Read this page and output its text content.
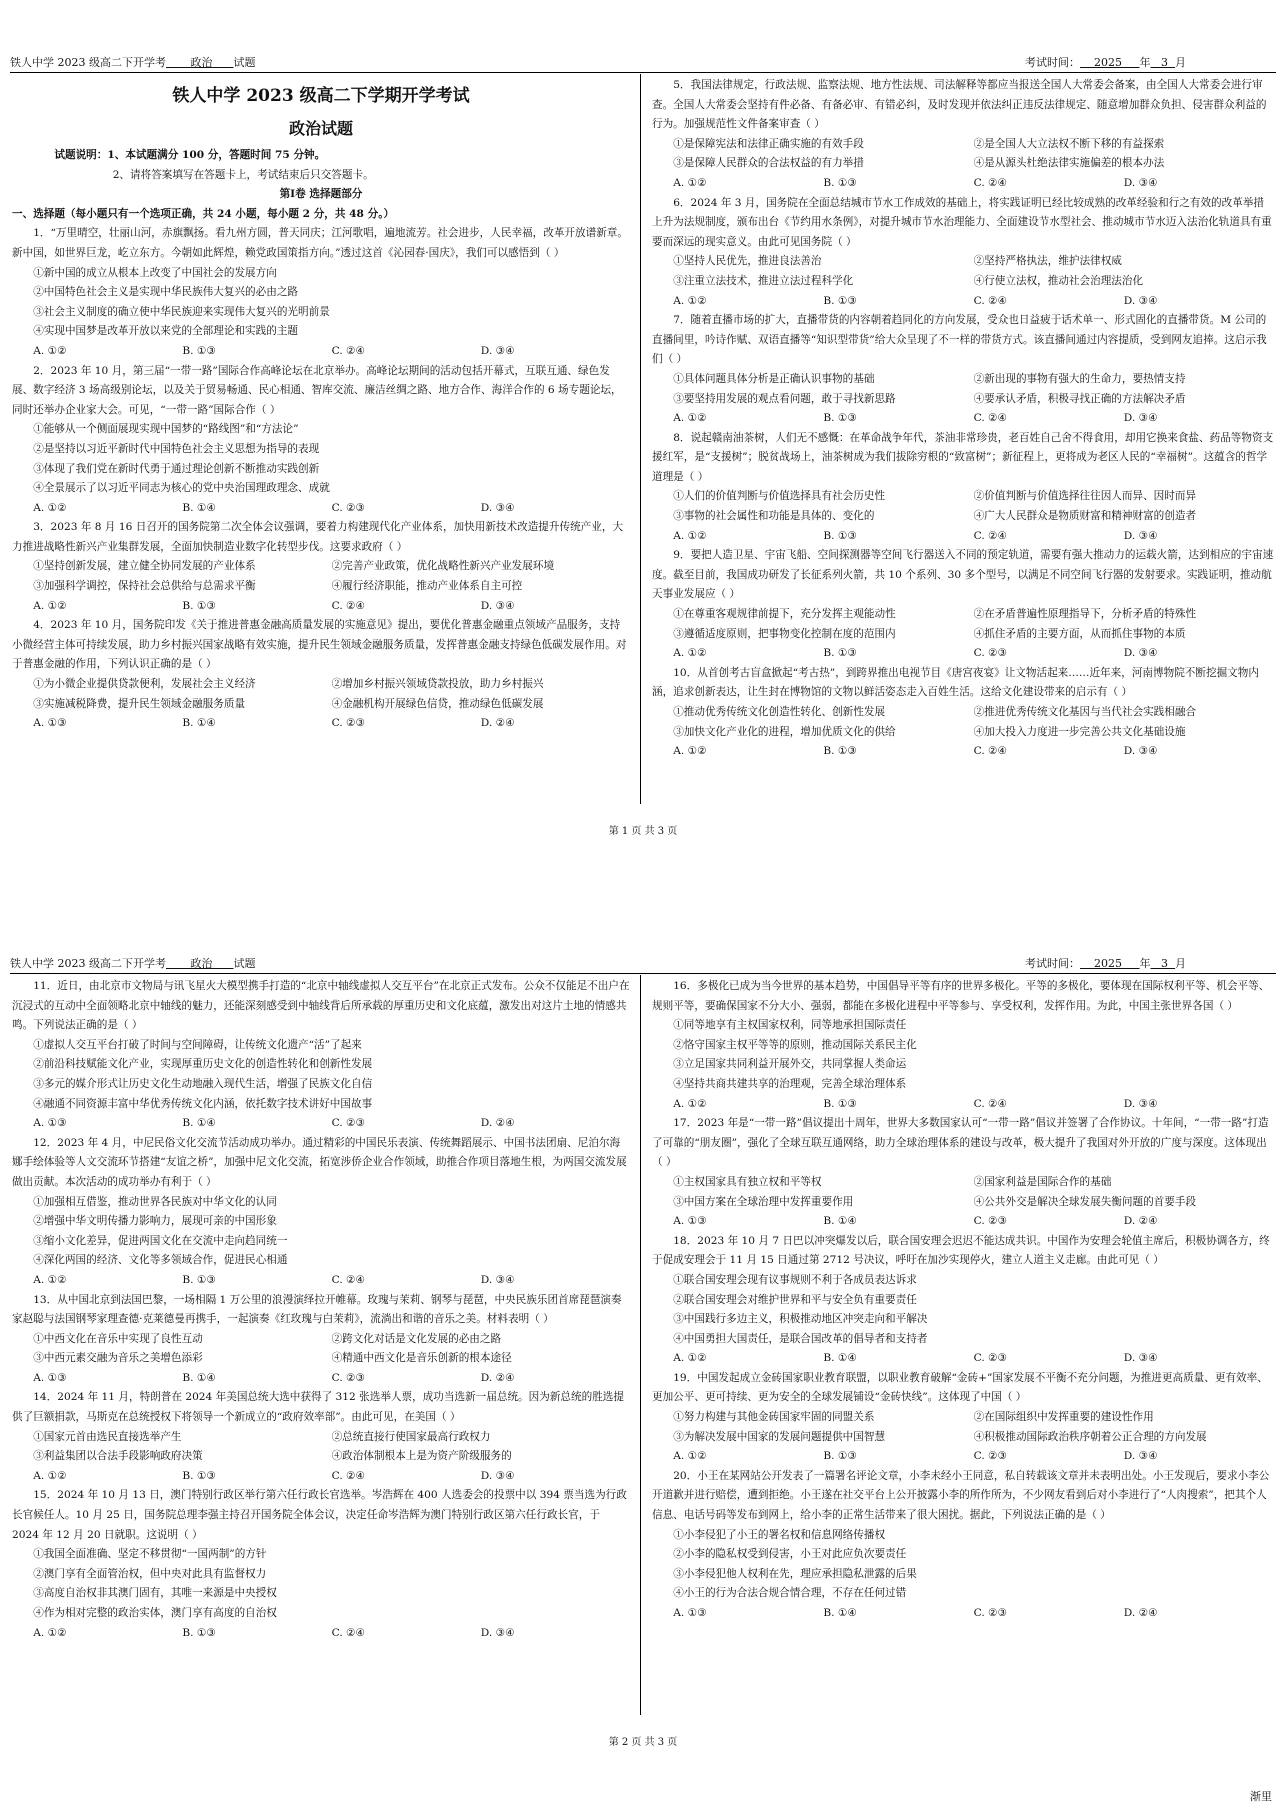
铁人中学 2023 级高二下开学考 政治 试题	考试时间： 2025 年 3 月
铁人中学 2023 级高二下学期开学考试
政治试题

试题说明：1、本试题满分 100 分，答题时间 75 分钟。

2、请将答案填写在答题卡上，考试结束后只交答题卡。

第Ⅰ卷 选择题部分

一、选择题（每小题只有一个选项正确，共 24 小题，每小题 2 分，共 48 分。）

1．“万里晴空，壮丽山河，赤旗飘扬。看九州方圆，普天同庆；江河歌唱，遍地流芳。社会进步，人民幸福，改革开放谱新章。新中国，如世界巨龙，屹立东方。今朝如此辉煌，赖党政国策指方向。”透过这首《沁园春·国庆》，我们可以感悟到（ ）

①新中国的成立从根本上改变了中国社会的发展方向

②中国特色社会主义是实现中华民族伟大复兴的必由之路

③社会主义制度的确立使中华民族迎来实现伟大复兴的光明前景

④实现中国梦是改革开放以来党的全部理论和实践的主题

A. ①②	B. ①③	C. ②④	D. ③④

2．2023 年 10 月，第三届“一带一路”国际合作高峰论坛在北京举办。高峰论坛期间的活动包括开幕式，互联互通、绿色发展、数字经济 3 场高级别论坛，以及关于贸易畅通、民心相通、智库交流、廉洁丝绸之路、地方合作、海洋合作的 6 场专题论坛，同时还举办企业家大会。可见，“一带一路”国际合作（ ）

①能够从一个侧面展现实现中国梦的“路线图”和“方法论”

②是坚持以习近平新时代中国特色社会主义思想为指导的表现

③体现了我们党在新时代勇于通过理论创新不断推动实践创新

④全景展示了以习近平同志为核心的党中央治国理政理念、成就

A. ①②	B. ①④	C. ②③	D. ③④

3．2023 年 8 月 16 日召开的国务院第二次全体会议强调，要着力构建现代化产业体系，加快用新技术改造提升传统产业，大力推进战略性新兴产业集群发展，全面加快制造业数字化转型步伐。这要求政府（ ）

①坚持创新发展，建立健全协同发展的产业体系	②完善产业政策，优化战略性新兴产业发展环境
③加强科学调控，保持社会总供给与总需求平衡	④履行经济职能，推动产业体系自主可控
A. ①②	B. ①③	C. ②④	D. ③④

4．2023 年 10 月，国务院印发《关于推进普惠金融高质量发展的实施意见》提出，要优化普惠金融重点领域产品服务，支持小微经营主体可持续发展，助力乡村振兴国家战略有效实施，提升民生领域金融服务质量，发挥普惠金融支持绿色低碳发展作用。对于普惠金融的作用，下列认识正确的是（ ）

①为小微企业提供贷款便利，发展社会主义经济	②增加乡村振兴领域贷款投放，助力乡村振兴
③实施减税降费，提升民生领域金融服务质量	④金融机构开展绿色信贷，推动绿色低碳发展
A. ①③	B. ①④	C. ②③	D. ②④

5．我国法律规定，行政法规、监察法规、地方性法规、司法解释等都应当报送全国人大常委会备案，由全国人大常委会进行审查。全国人大常委会坚持有件必备、有备必审、有错必纠，及时发现并依法纠正违反法律规定、随意增加群众负担、侵害群众利益的行为。加强规范性文件备案审查（ ）

①是保障宪法和法律正确实施的有效手段	②是全国人大立法权不断下移的有益探索
③是保障人民群众的合法权益的有力举措	④是从源头杜绝法律实施偏差的根本办法
A. ①②	B. ①③	C. ②④	D. ③④

6．2024 年 3 月，国务院在全面总结城市节水工作成效的基础上，将实践证明已经比较成熟的改革经验和行之有效的改革举措上升为法规制度，颁布出台《节约用水条例》，对提升城市节水治理能力、全面建设节水型社会、推动城市节水迈入法治化轨道具有重要而深远的现实意义。由此可见国务院（ ）

①坚持人民优先，推进良法善治	②坚持严格执法，维护法律权威
③注重立法技术，推进立法过程科学化	④行使立法权，推动社会治理法治化
A. ①②	B. ①③	C. ②④	D. ③④

7．随着直播市场的扩大，直播带货的内容朝着趋同化的方向发展，受众也日益疲于话术单一、形式固化的直播带货。M 公司的直播间里，吟诗作赋、双语直播等“知识型带货”给大众呈现了不一样的带货方式。该直播间通过内容提质，受到网友追捧。这启示我们（ ）

①具体问题具体分析是正确认识事物的基础	②新出现的事物有强大的生命力，要热情支持
③要坚持用发展的观点看问题，敢于寻找新思路	④要承认矛盾，积极寻找正确的方法解决矛盾
A. ①②	B. ①③	C. ②④	D. ③④

8．说起赣南油茶树，人们无不感慨：在革命战争年代，茶油非常珍贵，老百姓自己舍不得食用，却用它换来食盐、药品等物资支援红军，是“支援树”；脱贫战场上，油茶树成为我们拔除穷根的“致富树”；新征程上，更将成为老区人民的“幸福树”。这蕴含的哲学道理是（ ）

①人们的价值判断与价值选择具有社会历史性	②价值判断与价值选择往往因人而异、因时而异
③事物的社会属性和功能是具体的、变化的	④广大人民群众是物质财富和精神财富的创造者
A. ①②	B. ①③	C. ②④	D. ③④

9．要把人造卫星、宇宙飞船、空间探测器等空间飞行器送入不同的预定轨道，需要有强大推动力的运载火箭，达到相应的宇宙速度。截至目前，我国成功研发了长征系列火箭，共 10 个系列、30 多个型号，以满足不同空间飞行器的发射要求。实践证明，推动航天事业发展应（ ）

①在尊重客观规律前提下，充分发挥主观能动性	②在矛盾普遍性原理指导下，分析矛盾的特殊性
③遵循适度原则，把事物变化控制在度的范围内	④抓住矛盾的主要方面，从而抓住事物的本质
A. ①②	B. ①③	C. ②③	D. ③④

10．从首创考古盲盒掀起“考古热”，到跨界推出电视节目《唐宫夜宴》让文物活起来……近年来，河南博物院不断挖掘文物内涵，追求创新表达，让生封在博物馆的文物以鲜活姿态走入百姓生活。这给文化建设带来的启示有（ ）

①推动优秀传统文化创造性转化、创新性发展	②推进优秀传统文化基因与当代社会实践相融合
③加快文化产业化的进程，增加优质文化的供给	④加大投入力度进一步完善公共文化基础设施
A. ①②	B. ①③	C. ②④	D. ③④
第 1 页 共 3 页
铁人中学 2023 级高二下开学考 政治 试题	考试时间： 2025 年 3 月

11．近日，由北京市文物局与讯飞星火大模型携手打造的“北京中轴线虚拟人交互平台”在北京正式发布。公众不仅能足不出户在沉浸式的互动中全面领略北京中轴线的魅力，还能深刻感受到中轴线背后所承载的厚重历史和文化底蕴，激发出对这片土地的情感共鸣。下列说法正确的是（ ）

①虚拟人交互平台打破了时间与空间障碍，让传统文化遗产“活”了起来

②前沿科技赋能文化产业，实现厚重历史文化的创造性转化和创新性发展

③多元的媒介形式让历史文化生动地融入现代生活，增强了民族文化自信

④融通不同资源丰富中华优秀传统文化内涵，依托数字技术讲好中国故事

A. ①③	B. ①④	C. ②③	D. ②④

12．2023 年 4 月，中尼民俗文化交流节活动成功举办。通过精彩的中国民乐表演、传统舞蹈展示、中国书法团扇、尼泊尔海娜手绘体验等人文交流环节搭建“友谊之桥”，加强中尼文化交流，拓宽涉侨企业合作领域，助推合作项目落地生根，为两国交流发展做出贡献。本次活动的成功举办有利于（ ）

①加强相互借鉴，推动世界各民族对中华文化的认同

②增强中华文明传播力影响力，展现可亲的中国形象

③缩小文化差异，促进两国文化在交流中走向趋同统一

④深化两国的经济、文化等多领域合作，促进民心相通

A. ①②	B. ①③	C. ②④	D. ③④

13．从中国北京到法国巴黎，一场相隔 1 万公里的浪漫演绎拉开帷幕。玫瑰与茉莉、钢琴与琵琶，中央民族乐团首席琵琶演奏家赵聪与法国钢琴家理查德·克莱德曼再携手，一起演奏《红玫瑰与白茉莉》，流淌出和谐的音乐之美。材料表明（ ）

①中西文化在音乐中实现了良性互动	②跨文化对话是文化发展的必由之路
③中西元素交融为音乐之美增色添彩	④精通中西文化是音乐创新的根本途径
A. ①③	B. ①④	C. ②③	D. ②④

14．2024 年 11 月，特朗普在 2024 年美国总统大选中获得了 312 张选举人票，成功当选新一届总统。因为新总统的胜选提供了巨额捐款，马斯克在总统授权下将领导一个新成立的“政府效率部”。由此可见，在美国（ ）

①国家元首由选民直接选举产生	②总统直接行使国家最高行政权力
③利益集团以合法手段影响政府决策	④政治体制根本上是为资产阶级服务的
A. ①②	B. ①③	C. ②④	D. ③④

15．2024 年 10 月 13 日，澳门特别行政区举行第六任行政长官选举。岑浩辉在 400 人选委会的投票中以 394 票当选为行政长官候任人。10 月 25 日，国务院总理李强主持召开国务院全体会议，决定任命岑浩辉为澳门特别行政区第六任行政长官，于 2024 年 12 月 20 日就职。这说明（ ）

①我国全面准确、坚定不移贯彻“一国两制”的方针

②澳门享有全面管治权，但中央对此具有监督权力

③高度自治权非其澳门固有，其唯一来源是中央授权

④作为相对完整的政治实体，澳门享有高度的自治权

A. ①②	B. ①③	C. ②④	D. ③④

16．多极化已成为当今世界的基本趋势，中国倡导平等有序的世界多极化。平等的多极化，要体现在国际权利平等、机会平等、规则平等，要确保国家不分大小、强弱，都能在多极化进程中平等参与、享受权利，发挥作用。为此，中国主张世界各国（ ）

①同等地享有主权国家权利，同等地承担国际责任

②恪守国家主权平等等的原则，推动国际关系民主化

③立足国家共同利益开展外交，共同掌握人类命运

④坚持共商共建共享的治理观，完善全球治理体系

A. ①②	B. ①③	C. ②④	D. ③④

17．2023 年是“一带一路”倡议提出十周年，世界大多数国家认可“一带一路”倡议并签署了合作协议。十年间，“一带一路”打造了可靠的“朋友圈”，强化了全球互联互通网络，助力全球治理体系的建设与改革，极大提升了我国对外开放的广度与深度。这体现出（ ）

①主权国家具有独立权和平等权	②国家利益是国际合作的基础
③中国方案在全球治理中发挥重要作用	④公共外交是解决全球发展失衡问题的首要手段
A. ①③	B. ①④	C. ②③	D. ②④

18．2023 年 10 月 7 日巴以冲突爆发以后，联合国安理会迟迟不能达成共识。中国作为安理会轮值主席后，积极协调各方，终于促成安理会于 11 月 15 日通过第 2712 号决议，呼吁在加沙实现停火，建立人道主义走廊。由此可见（ ）

①联合国安理会现有议事规则不利于各成员表达诉求

②联合国安理会对维护世界和平与安全负有重要责任

③中国践行多边主义，积极推动地区冲突走向和平解决

④中国勇担大国责任，是联合国改革的倡导者和支持者

A. ①②	B. ①④	C. ②③	D. ③④

19．中国发起成立金砖国家职业教育联盟，以职业教育破解“金砖+”国家发展不平衡不充分问题，为推进更高质量、更有效率、更加公平、更可持续、更为安全的全球发展铺设“金砖快线”。这体现了中国（ ）

①努力构建与其他金砖国家牢固的同盟关系	②在国际组织中发挥重要的建设性作用
③为解决发展中国家的发展问题提供中国智慧	④积极推动国际政治秩序朝着公正合理的方向发展
A. ①②	B. ①③	C. ②③	D. ③④

20．小王在某网站公开发表了一篇署名评论文章，小李未经小王同意，私自转载该文章并未表明出处。小王发现后，要求小李公开道歉并进行赔偿，遭到拒绝。小王遂在社交平台上公开披露小李的所作所为，不少网友看到后对小李进行了“人肉搜索”，把其个人信息、电话号码等发布到网上，给小李的正常生活带来了很大困扰。据此，下列说法正确的是（ ）

①小李侵犯了小王的署名权和信息网络传播权

②小李的隐私权受到侵害，小王对此应负次要责任

③小李侵犯他人权利在先，理应承担隐私泄露的后果

④小王的行为合法合规合情合理，不存在任何过错

A. ①③	B. ①④	C. ②③	D. ②④
第 2 页 共 3 页
渐里
